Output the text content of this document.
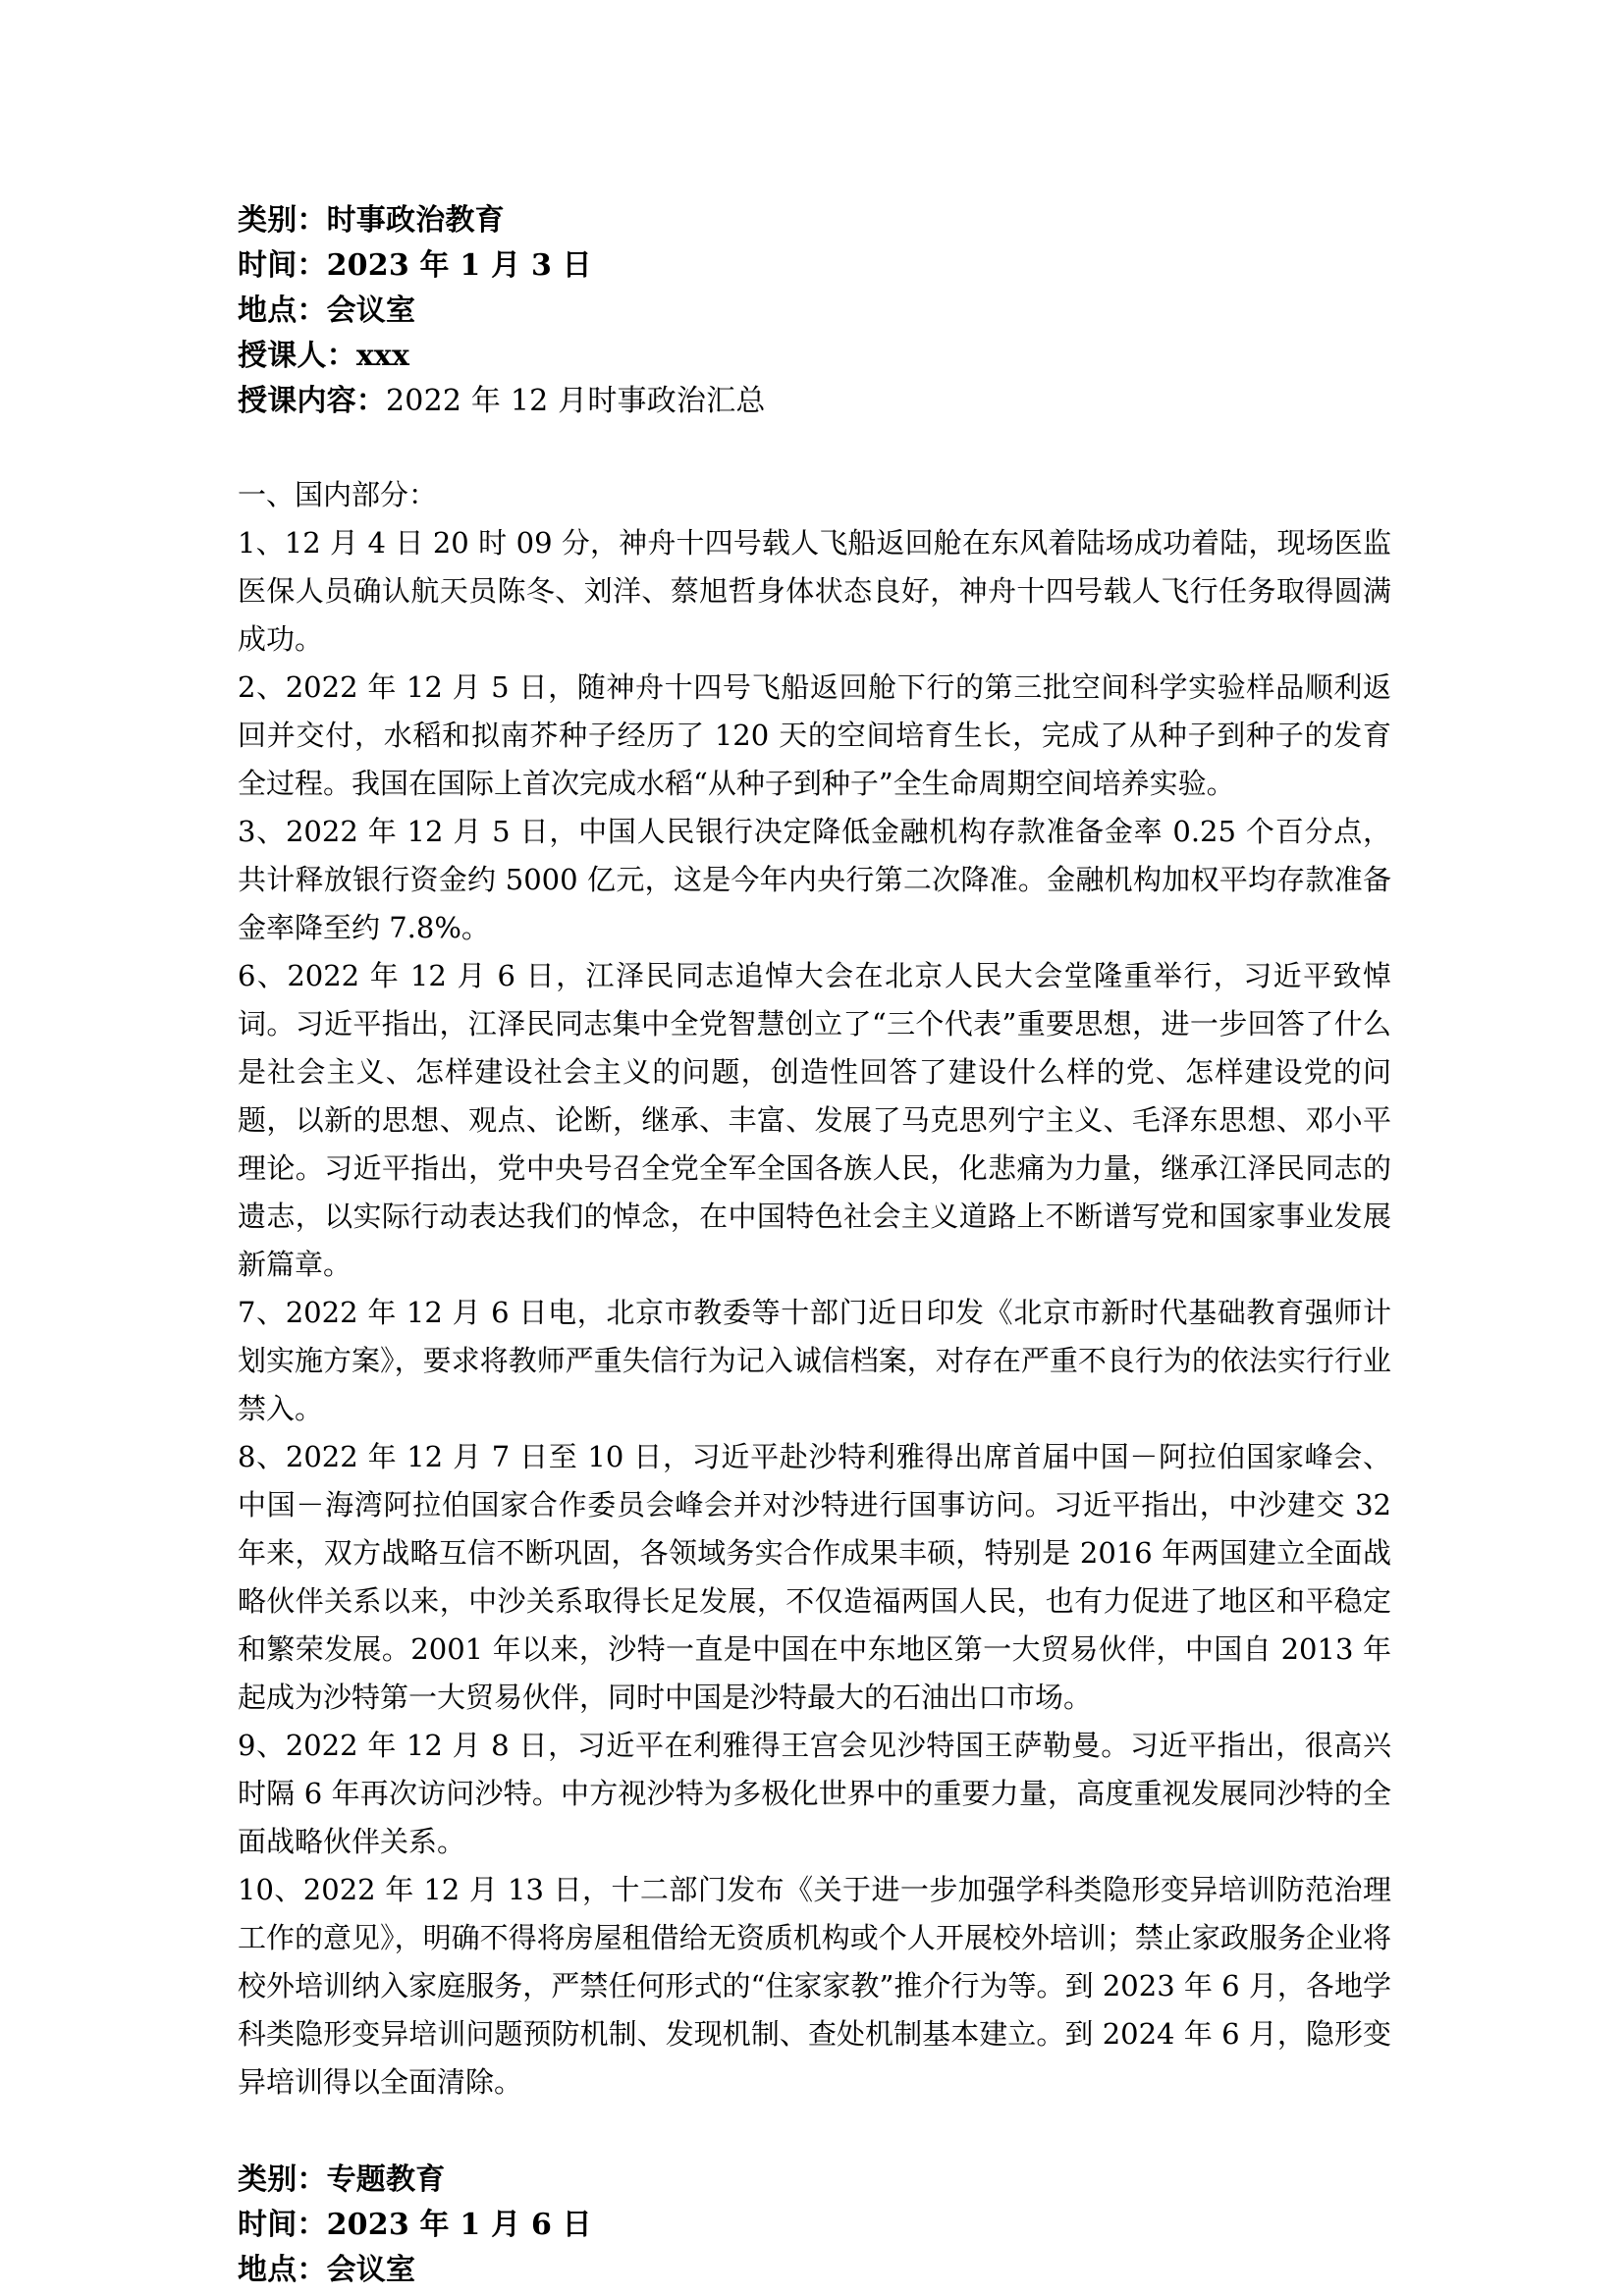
类别：时事政治教育
时间：2023 年 1 月 3 日
地点：会议室
授课人：xxx
授课内容：2022 年 12 月时事政治汇总
一、国内部分：

1、12 月 4 日 20 时 09 分，神舟十四号载人飞船返回舱在东风着陆场成功着陆，现场医监医保人员确认航天员陈冬、刘洋、蔡旭哲身体状态良好，神舟十四号载人飞行任务取得圆满成功。

2、2022 年 12 月 5 日，随神舟十四号飞船返回舱下行的第三批空间科学实验样品顺利返回并交付，水稻和拟南芥种子经历了 120 天的空间培育生长，完成了从种子到种子的发育全过程。我国在国际上首次完成水稻“从种子到种子”全生命周期空间培养实验。

3、2022 年 12 月 5 日，中国人民银行决定降低金融机构存款准备金率 0.25 个百分点，共计释放银行资金约 5000 亿元，这是今年内央行第二次降准。金融机构加权平均存款准备金率降至约 7.8%。

6、2022 年 12 月 6 日，江泽民同志追悼大会在北京人民大会堂隆重举行，习近平致悼词。习近平指出，江泽民同志集中全党智慧创立了“三个代表”重要思想，进一步回答了什么是社会主义、怎样建设社会主义的问题，创造性回答了建设什么样的党、怎样建设党的问题，以新的思想、观点、论断，继承、丰富、发展了马克思列宁主义、毛泽东思想、邓小平理论。习近平指出，党中央号召全党全军全国各族人民，化悲痛为力量，继承江泽民同志的遗志，以实际行动表达我们的悼念，在中国特色社会主义道路上不断谱写党和国家事业发展新篇章。

7、2022 年 12 月 6 日电，北京市教委等十部门近日印发《北京市新时代基础教育强师计划实施方案》，要求将教师严重失信行为记入诚信档案，对存在严重不良行为的依法实行行业禁入。

8、2022 年 12 月 7 日至 10 日，习近平赴沙特利雅得出席首届中国－阿拉伯国家峰会、中国－海湾阿拉伯国家合作委员会峰会并对沙特进行国事访问。习近平指出，中沙建交 32 年来，双方战略互信不断巩固，各领域务实合作成果丰硕，特别是 2016 年两国建立全面战略伙伴关系以来，中沙关系取得长足发展，不仅造福两国人民，也有力促进了地区和平稳定和繁荣发展。2001 年以来，沙特一直是中国在中东地区第一大贸易伙伴，中国自 2013 年起成为沙特第一大贸易伙伴，同时中国是沙特最大的石油出口市场。

9、2022 年 12 月 8 日，习近平在利雅得王宫会见沙特国王萨勒曼。习近平指出，很高兴时隔 6 年再次访问沙特。中方视沙特为多极化世界中的重要力量，高度重视发展同沙特的全面战略伙伴关系。

10、2022 年 12 月 13 日，十二部门发布《关于进一步加强学科类隐形变异培训防范治理工作的意见》，明确不得将房屋租借给无资质机构或个人开展校外培训；禁止家政服务企业将校外培训纳入家庭服务，严禁任何形式的“住家家教”推介行为等。到 2023 年 6 月，各地学科类隐形变异培训问题预防机制、发现机制、查处机制基本建立。到 2024 年 6 月，隐形变异培训得以全面清除。

类别：专题教育
时间：2023 年 1 月 6 日
地点：会议室
